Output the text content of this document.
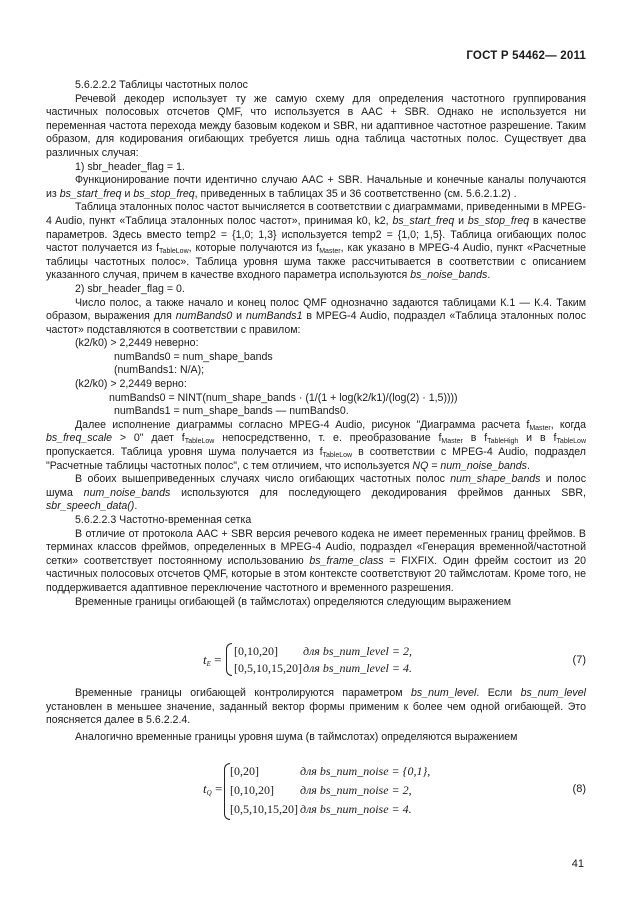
ГОСТ Р 54462— 2011

5.6.2.2.2 Таблицы частотных полос

Речевой декодер использует ту же самую схему для определения частотного группирования частичных полосовых отсчетов QMF, что используется в AAC + SBR. Однако не используется ни переменная частота перехода между базовым кодеком и SBR, ни адаптивное частотное разрешение. Таким образом, для кодирования огибающих требуется лишь одна таблица частотных полос. Существует два различных случая:

1) sbr_header_flag = 1.

Функционирование почти идентично случаю AAC + SBR. Начальные и конечные каналы получаются из bs_start_freq и bs_stop_freq, приведенных в таблицах 35 и 36 соответственно (см. 5.6.2.1.2) .

Таблица эталонных полос частот вычисляется в соответствии с диаграммами, приведенными в MPEG-4 Audio, пункт «Таблица эталонных полос частот», принимая k0, k2, bs_start_freq и bs_stop_freq в качестве параметров. Здесь вместо temp2 = {1,0; 1,3} используется temp2 = {1,0; 1,5}. Таблица огибающих полос частот получается из $f_{TableLow}$, которые получаются из $f_{Master}$, как указано в MPEG-4 Audio, пункт «Расчетные таблицы частотных полос». Таблица уровня шума также рассчитывается в соответствии с описанием указанного случая, причем в качестве входного параметра используются bs_noise_bands.

2) sbr_header_flag = 0.

Число полос, а также начало и конец полос QMF однозначно задаются таблицами К.1 — К.4. Таким образом, выражения для numBands0 и numBands1 в MPEG-4 Audio, подраздел «Таблица эталонных полос частот» подставляются в соответствии с правилом:

(k2/k0) > 2,2449 неверно:

numBands0 = num_shape_bands

(numBands1: N/A);

(k2/k0) > 2,2449 верно:

numBands0 = NINT(num_shape_bands · (1/(1 + log(k2/k1)/(log(2) · 1,5))))

numBands1 = num_shape_bands — numBands0.

Далее исполнение диаграммы согласно MPEG-4 Audio, рисунок "Диаграмма расчета $f_{Master}$, когда bs_freq_scale > 0" дает $f_{TableLow}$ непосредственно, т. е. преобразование $f_{Master}$ в $f_{TableHigh}$ и в $f_{TableLow}$ пропускается. Таблица уровня шума получается из $f_{TableLow}$ в соответствии с MPEG-4 Audio, подраздел "Расчетные таблицы частотных полос", с тем отличием, что используется NQ = num_noise_bands.

В обоих вышеприведенных случаях число огибающих частотных полос num_shape_bands и полос шума num_noise_bands используются для последующего декодирования фреймов данных SBR, sbr_speech_data().

5.6.2.2.3 Частотно-временная сетка

В отличие от протокола AAC + SBR версия речевого кодека не имеет переменных границ фреймов. В терминах классов фреймов, определенных в MPEG-4 Audio, подраздел «Генерация временной/частотной сетки» соответствует постоянному использованию bs_frame_class = FIXFIX. Один фрейм состоит из 20 частичных полосовых отсчетов QMF, которые в этом контексте соответствуют 20 таймслотам. Кроме того, не поддерживается адаптивное переключение частотного и временного разрешения.

Временные границы огибающей (в таймслотах) определяются следующим выражением

$t_E$ =
[0,10,20] для bs_num_level = 2,
[0,5,10,15,20] для bs_num_level = 4.
(7)

Временные границы огибающей контролируются параметром bs_num_level. Если bs_num_level установлен в меньшее значение, заданный вектор формы применим к более чем одной огибающей. Это поясняется далее в 5.6.2.2.4.

Аналогично временные границы уровня шума (в таймслотах) определяются выражением

$t_Q$ =
[0,20]	для bs_num_noise = {0,1},
[0,10,20] для bs_num_noise = 2,
[0,5,10,15,20] для bs_num_noise = 4.
(8)
41
